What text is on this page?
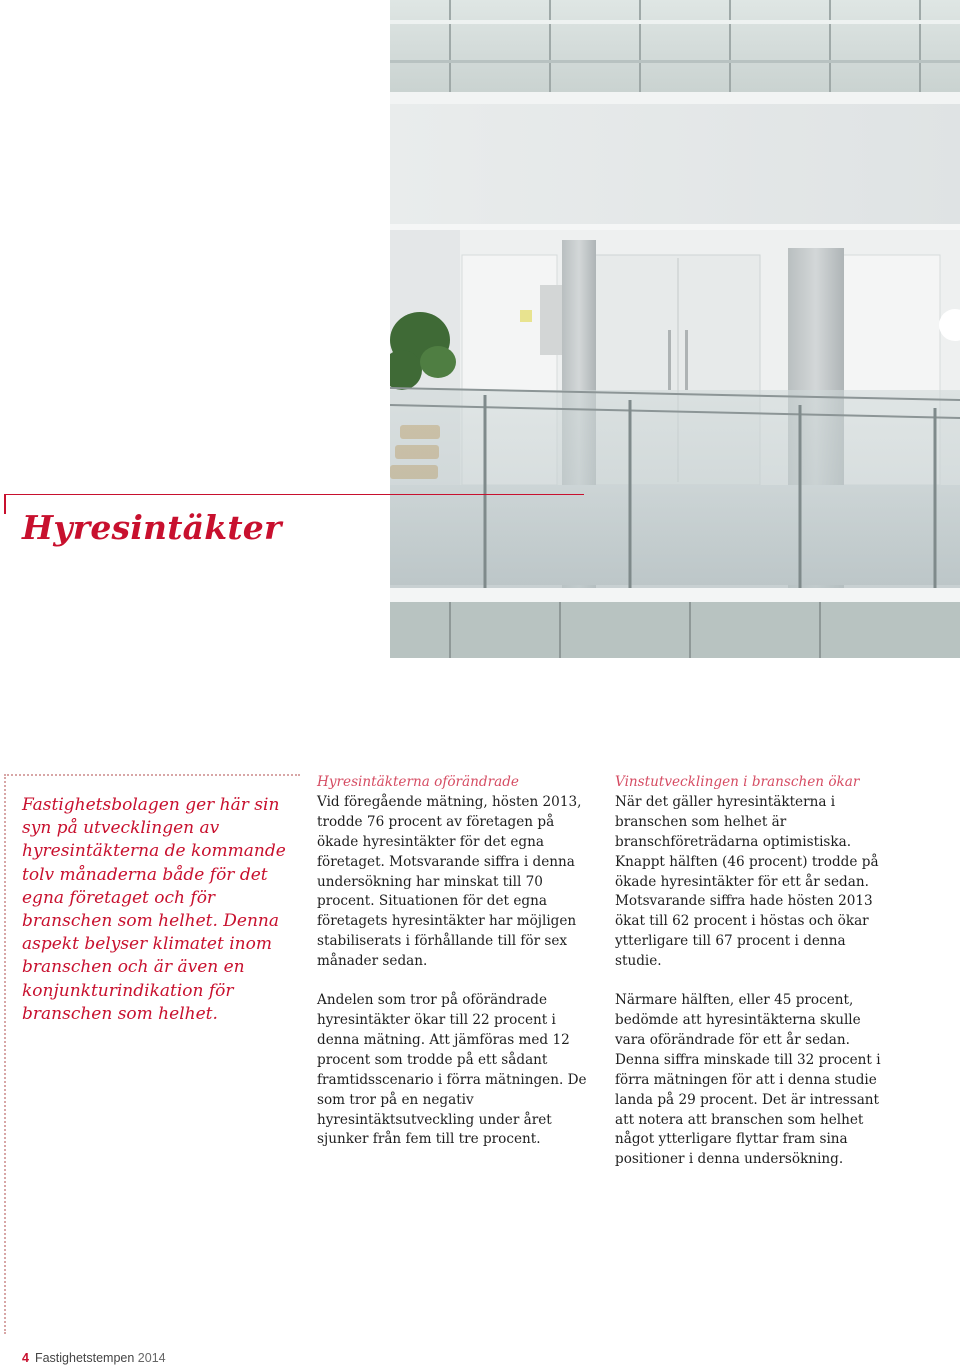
Hyresintäkter

Fastighetsbolagen ger här sin syn på utvecklingen av hyresintäkterna de kommande tolv månaderna både för det egna företaget och för branschen som helhet. Denna aspekt belyser klimatet inom branschen och är även en konjunkturindikation för branschen som helhet.

Hyresintäkterna oförändrade

Vid föregående mätning, hösten 2013, trodde 76 procent av företagen på ökade hyresintäkter för det egna företaget. Motsvarande siffra i denna undersökning har minskat till 70 procent. Situationen för det egna företagets hyresintäkter har möjligen stabiliserats i förhållande till för sex månader sedan.

Andelen som tror på oförändrade hyresintäkter ökar till 22 procent i denna mätning. Att jämföras med 12 procent som trodde på ett sådant framtidsscenario i förra mätningen. De som tror på en negativ hyresintäktsutveckling under året sjunker från fem till tre procent.

Vinstutvecklingen i branschen ökar

När det gäller hyresintäkterna i branschen som helhet är branschföreträdarna optimistiska. Knappt hälften (46 procent) trodde på ökade hyresintäkter för ett år sedan. Motsvarande siffra hade hösten 2013 ökat till 62 procent i höstas och ökar ytterligare till 67 procent i denna studie.

Närmare hälften, eller 45 procent, bedömde att hyresintäkterna skulle vara oförändrade för ett år sedan. Denna siffra minskade till 32 procent i förra mätningen för att i denna studie landa på 29 procent. Det är intressant att notera att branschen som helhet något ytterligare flyttar fram sina positioner i denna undersökning.

4 Fastighetstempen 2014
